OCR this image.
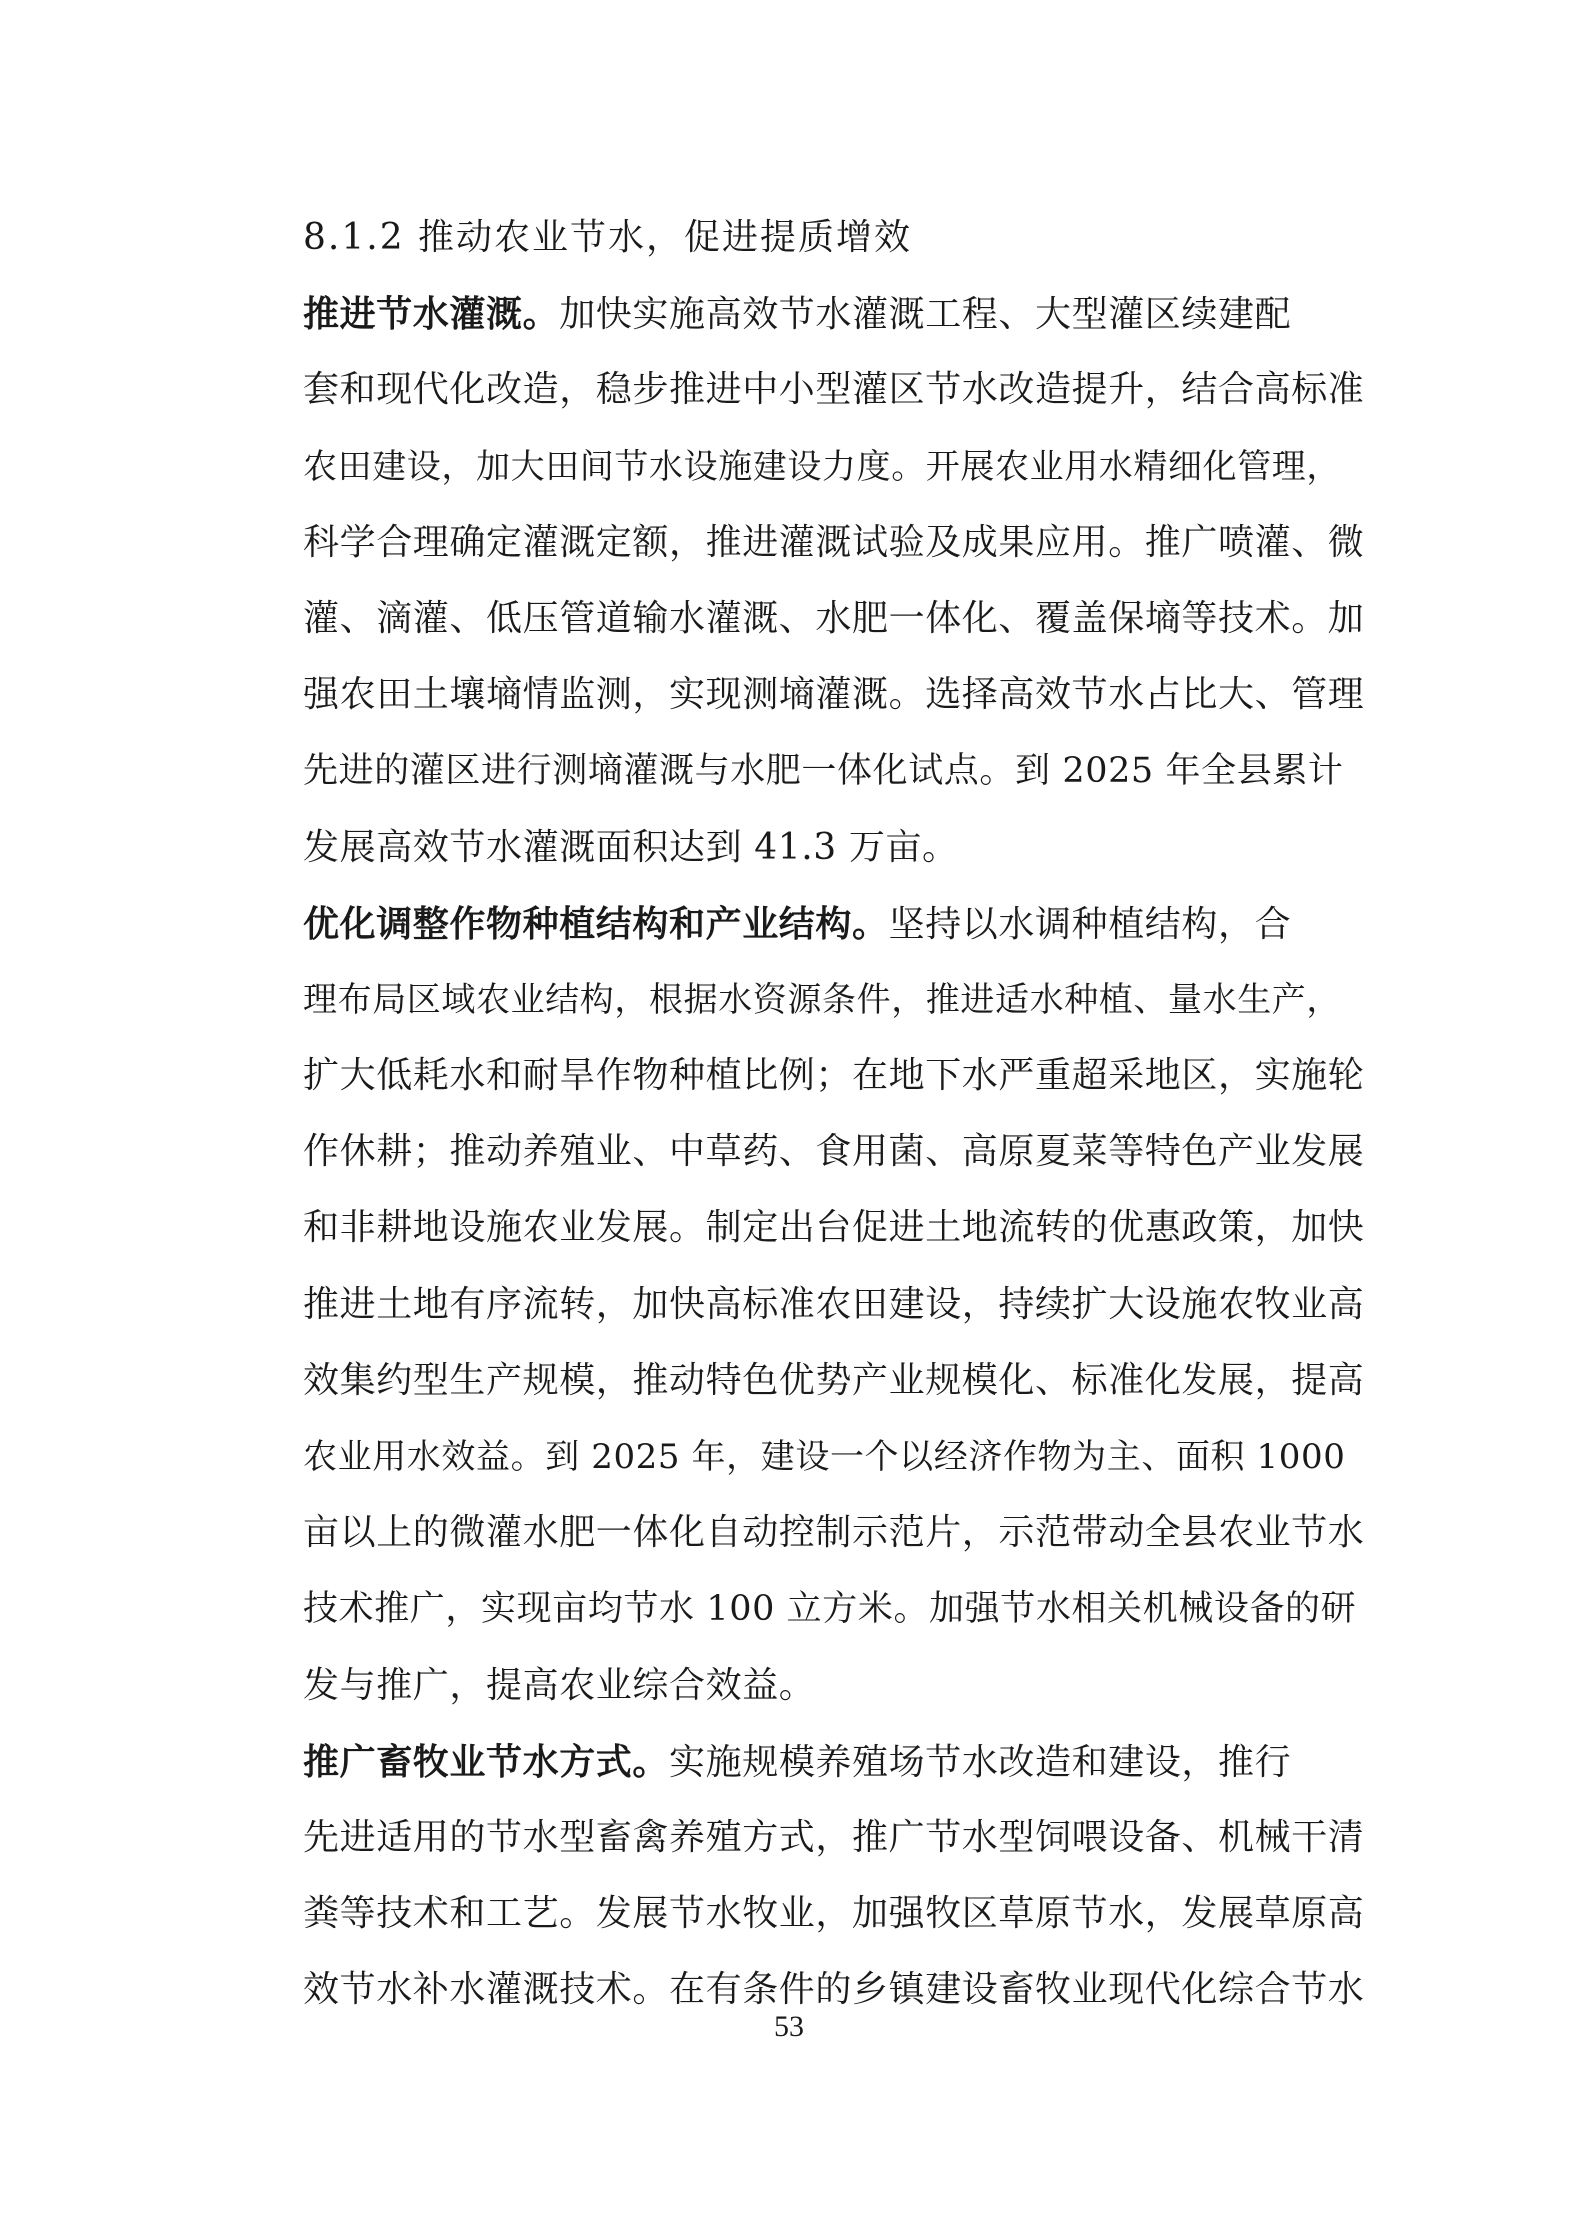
8.1.2 推动农业节水，促进提质增效
推进节水灌溉。加快实施高效节水灌溉工程、大型灌区续建配
套和现代化改造，稳步推进中小型灌区节水改造提升，结合高标准
农田建设，加大田间节水设施建设力度。开展农业用水精细化管理，
科学合理确定灌溉定额，推进灌溉试验及成果应用。推广喷灌、微
灌、滴灌、低压管道输水灌溉、水肥一体化、覆盖保墒等技术。加
强农田土壤墒情监测，实现测墒灌溉。选择高效节水占比大、管理
先进的灌区进行测墒灌溉与水肥一体化试点。到 2025 年全县累计
发展高效节水灌溉面积达到 41.3 万亩。
优化调整作物种植结构和产业结构。坚持以水调种植结构，合
理布局区域农业结构，根据水资源条件，推进适水种植、量水生产，
扩大低耗水和耐旱作物种植比例；在地下水严重超采地区，实施轮
作休耕；推动养殖业、中草药、食用菌、高原夏菜等特色产业发展
和非耕地设施农业发展。制定出台促进土地流转的优惠政策，加快
推进土地有序流转，加快高标准农田建设，持续扩大设施农牧业高
效集约型生产规模，推动特色优势产业规模化、标准化发展，提高
农业用水效益。到 2025 年，建设一个以经济作物为主、面积 1000
亩以上的微灌水肥一体化自动控制示范片，示范带动全县农业节水
技术推广，实现亩均节水 100 立方米。加强节水相关机械设备的研
发与推广，提高农业综合效益。
推广畜牧业节水方式。实施规模养殖场节水改造和建设，推行
先进适用的节水型畜禽养殖方式，推广节水型饲喂设备、机械干清
粪等技术和工艺。发展节水牧业，加强牧区草原节水，发展草原高
效节水补水灌溉技术。在有条件的乡镇建设畜牧业现代化综合节水
53
